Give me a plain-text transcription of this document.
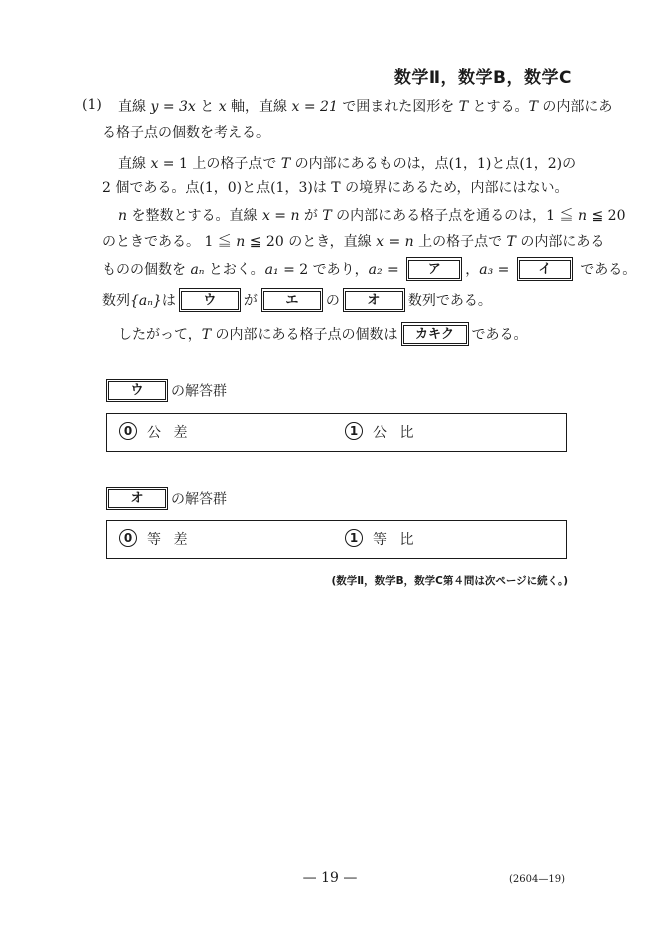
数学Ⅱ，数学B，数学C
(1) 直線 y = 3x と x 軸，直線 x = 21 で囲まれた図形を T とする。T の内部にあ
る格子点の個数を考える。
直線 x = 1 上の格子点で T の内部にあるものは，点(1，1)と点(1，2)の
2 個である。点(1，0)と点(1，3)は T の境界にあるため，内部にはない。
n を整数とする。直線 x = n が T の内部にある格子点を通るのは，1 ≦ n ≦ 20
のときである。 1 ≦ n ≦ 20 のとき，直線 x = n 上の格子点で T の内部にある
ものの個数を aₙ とおく。a₁ = 2 であり，a₂ = ア ，a₃ = イ である。
数列{aₙ}は ウ が エ の オ 数列である。
したがって，T の内部にある格子点の個数は カキク である。
ウ の解答群
0 公 差	1 公 比
オ の解答群
0 等 差	1 等 比
(数学Ⅱ，数学B，数学C第４問は次ページに続く。)
— 19 —	(2604—19)
